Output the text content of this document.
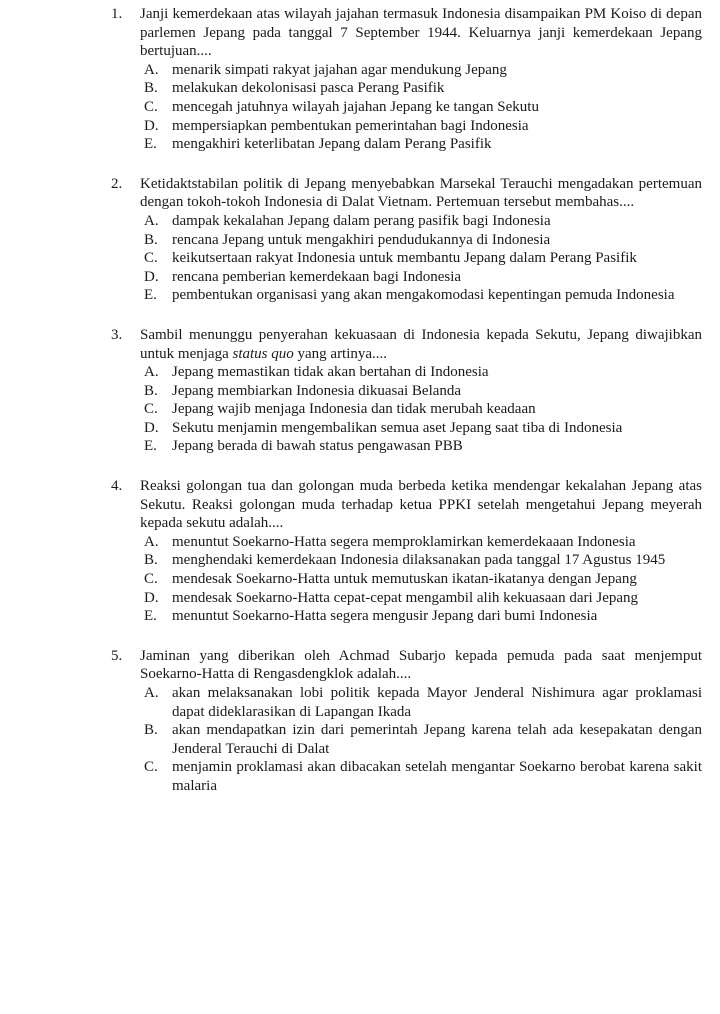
1. Janji kemerdekaan atas wilayah jajahan termasuk Indonesia disampaikan PM Koiso di depan parlemen Jepang pada tanggal 7 September 1944. Keluarnya janji kemerdekaan Jepang bertujuan....
A. menarik simpati rakyat jajahan agar mendukung Jepang
B. melakukan dekolonisasi pasca Perang Pasifik
C. mencegah jatuhnya wilayah jajahan Jepang ke tangan Sekutu
D. mempersiapkan pembentukan pemerintahan bagi Indonesia
E. mengakhiri keterlibatan Jepang dalam Perang Pasifik
2. Ketidaktstabilan politik di Jepang menyebabkan Marsekal Terauchi mengadakan pertemuan dengan tokoh-tokoh Indonesia di Dalat Vietnam. Pertemuan tersebut membahas....
A. dampak kekalahan Jepang dalam perang pasifik bagi Indonesia
B. rencana Jepang untuk mengakhiri pendudukannya di Indonesia
C. keikutsertaan rakyat Indonesia untuk membantu Jepang dalam Perang Pasifik
D. rencana pemberian kemerdekaan bagi Indonesia
E. pembentukan organisasi yang akan mengakomodasi kepentingan pemuda Indonesia
3. Sambil menunggu penyerahan kekuasaan di Indonesia kepada Sekutu, Jepang diwajibkan untuk menjaga status quo yang artinya....
A. Jepang memastikan tidak akan bertahan di Indonesia
B. Jepang membiarkan Indonesia dikuasai Belanda
C. Jepang wajib menjaga Indonesia dan tidak merubah keadaan
D. Sekutu menjamin mengembalikan semua aset Jepang saat tiba di Indonesia
E. Jepang berada di bawah status pengawasan PBB
4. Reaksi golongan tua dan golongan muda berbeda ketika mendengar kekalahan Jepang atas Sekutu. Reaksi golongan muda terhadap ketua PPKI setelah mengetahui Jepang meyerah kepada sekutu adalah....
A. menuntut Soekarno-Hatta segera memproklamirkan kemerdekaaan Indonesia
B. menghendaki kemerdekaan Indonesia dilaksanakan pada tanggal 17 Agustus 1945
C. mendesak Soekarno-Hatta untuk memutuskan ikatan-ikatanya dengan Jepang
D. mendesak Soekarno-Hatta cepat-cepat mengambil alih kekuasaan dari Jepang
E. menuntut Soekarno-Hatta segera mengusir Jepang dari bumi Indonesia
5. Jaminan yang diberikan oleh Achmad Subarjo kepada pemuda pada saat menjemput Soekarno-Hatta di Rengasdengklok adalah....
A. akan melaksanakan lobi politik kepada Mayor Jenderal Nishimura agar proklamasi dapat dideklarasikan di Lapangan Ikada
B. akan mendapatkan izin dari pemerintah Jepang karena telah ada kesepakatan dengan Jenderal Terauchi di Dalat
C. menjamin proklamasi akan dibacakan setelah mengantar Soekarno berobat karena sakit malaria
